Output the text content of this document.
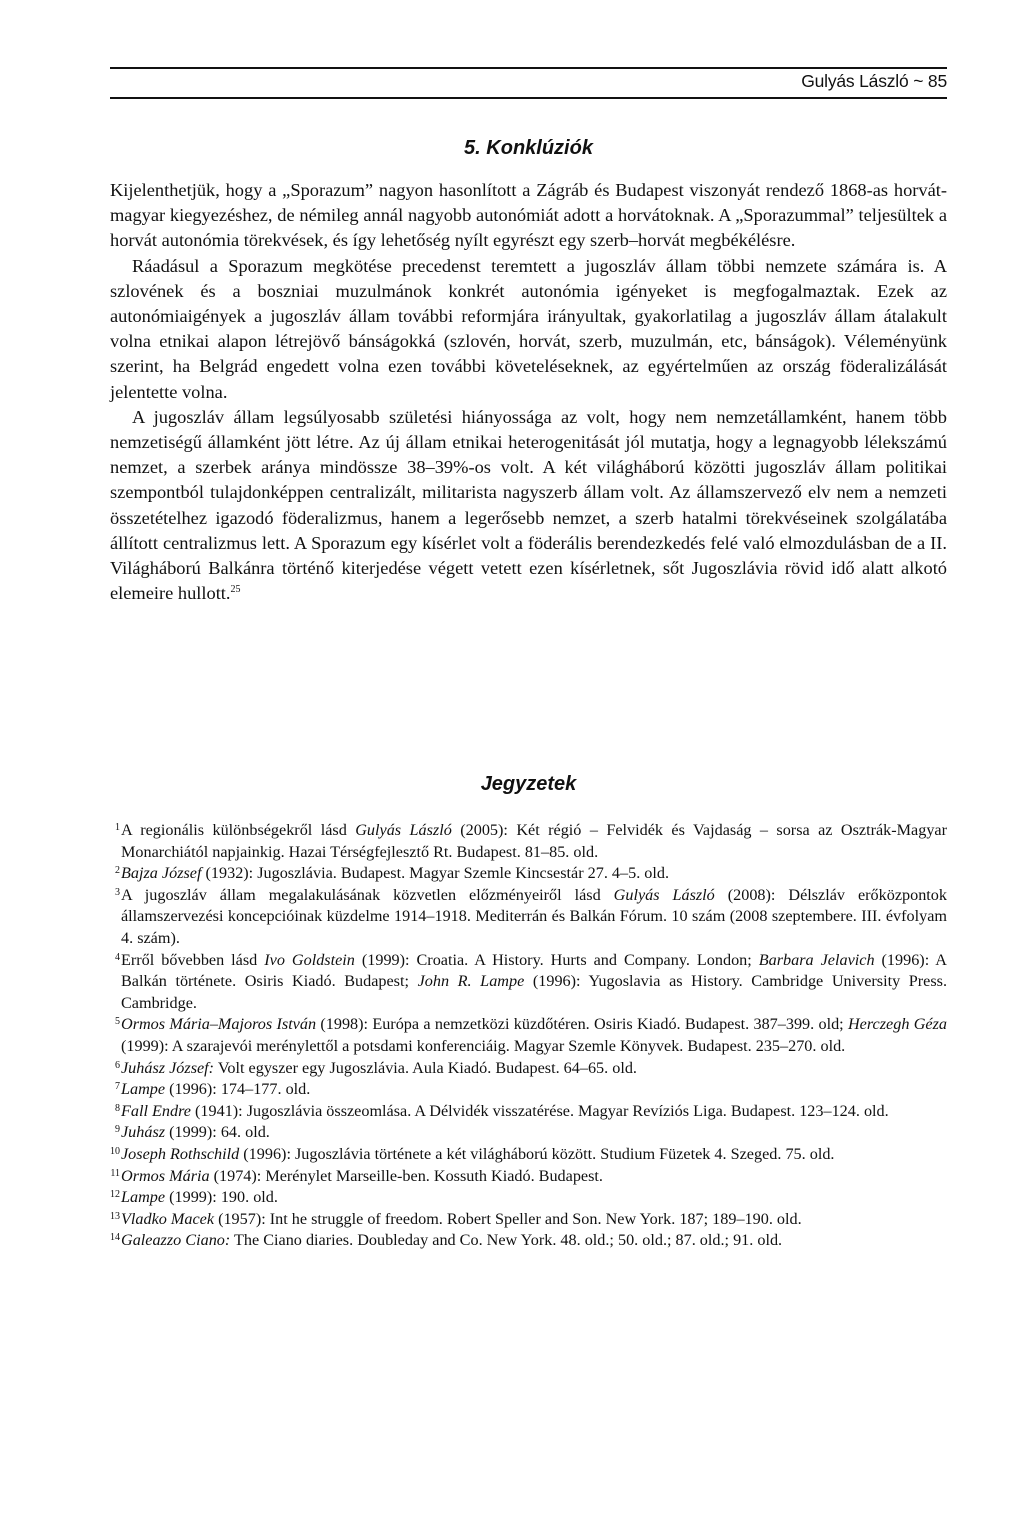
Gulyás László ~ 85
5. Konklúziók

Kijelenthetjük, hogy a „Sporazum” nagyon hasonlított a Zágráb és Budapest viszonyát rendező 1868-as horvát-magyar kiegyezéshez, de némileg annál nagyobb autonómiát adott a horvátoknak. A „Sporazummal” teljesültek a horvát autonómia törekvések, és így lehetőség nyílt egyrészt egy szerb–horvát megbékélésre.

Ráadásul a Sporazum megkötése precedenst teremtett a jugoszláv állam többi nemzete számára is. A szlovének és a boszniai muzulmánok konkrét autonómia igényeket is megfogalmaztak. Ezek az autonómiaigények a jugoszláv állam további reformjára irányultak, gyakorlatilag a jugoszláv állam átalakult volna etnikai alapon létrejövő bánságokká (szlovén, horvát, szerb, muzulmán, etc, bánságok). Véleményünk szerint, ha Belgrád engedett volna ezen további követeléseknek, az egyértelműen az ország föderalizálását jelentette volna.

A jugoszláv állam legsúlyosabb születési hiányossága az volt, hogy nem nemzetállamként, hanem több nemzetiségű államként jött létre. Az új állam etnikai heterogenitását jól mutatja, hogy a legnagyobb lélekszámú nemzet, a szerbek aránya mindössze 38–39%-os volt. A két világháború közötti jugoszláv állam politikai szempontból tulajdonképpen centralizált, militarista nagyszerb állam volt. Az államszervező elv nem a nemzeti összetételhez igazodó föderalizmus, hanem a legerősebb nemzet, a szerb hatalmi törekvéseinek szolgálatába állított centralizmus lett. A Sporazum egy kísérlet volt a föderális berendezkedés felé való elmozdulásban de a II. Világháború Balkánra történő kiterjedése végett vetett ezen kísérletnek, sőt Jugoszlávia rövid idő alatt alkotó elemeire hullott.$^{25}$

Jegyzetek
1 A regionális különbségekről lásd Gulyás László (2005): Két régió – Felvidék és Vajdaság – sorsa az Osztrák-Magyar Monarchiától napjainkig. Hazai Térségfejlesztő Rt. Budapest. 81–85. old.
2 Bajza József (1932): Jugoszlávia. Budapest. Magyar Szemle Kincsestár 27. 4–5. old.
3 A jugoszláv állam megalakulásának közvetlen előzményeiről lásd Gulyás László (2008): Délszláv erőközpontok államszervezési koncepcióinak küzdelme 1914–1918. Mediterrán és Balkán Fórum. 10 szám (2008 szeptembere. III. évfolyam 4. szám).
4 Erről bővebben lásd Ivo Goldstein (1999): Croatia. A History. Hurts and Company. London; Barbara Jelavich (1996): A Balkán története. Osiris Kiadó. Budapest; John R. Lampe (1996): Yugoslavia as History. Cambridge University Press. Cambridge.
5 Ormos Mária–Majoros István (1998): Európa a nemzetközi küzdőtéren. Osiris Kiadó. Budapest. 387–399. old; Herczegh Géza (1999): A szarajevói merénylettől a potsdami konferenciáig. Magyar Szemle Könyvek. Budapest. 235–270. old.
6 Juhász József: Volt egyszer egy Jugoszlávia. Aula Kiadó. Budapest. 64–65. old.
7 Lampe (1996): 174–177. old.
8 Fall Endre (1941): Jugoszlávia összeomlása. A Délvidék visszatérése. Magyar Revíziós Liga. Budapest. 123–124. old.
9 Juhász (1999): 64. old.
10 Joseph Rothschild (1996): Jugoszlávia története a két világháború között. Studium Füzetek 4. Szeged. 75. old.
11 Ormos Mária (1974): Merénylet Marseille-ben. Kossuth Kiadó. Budapest.
12 Lampe (1999): 190. old.
13 Vladko Macek (1957): Int he struggle of freedom. Robert Speller and Son. New York. 187; 189–190. old.
14 Galeazzo Ciano: The Ciano diaries. Doubleday and Co. New York. 48. old.; 50. old.; 87. old.; 91. old.
